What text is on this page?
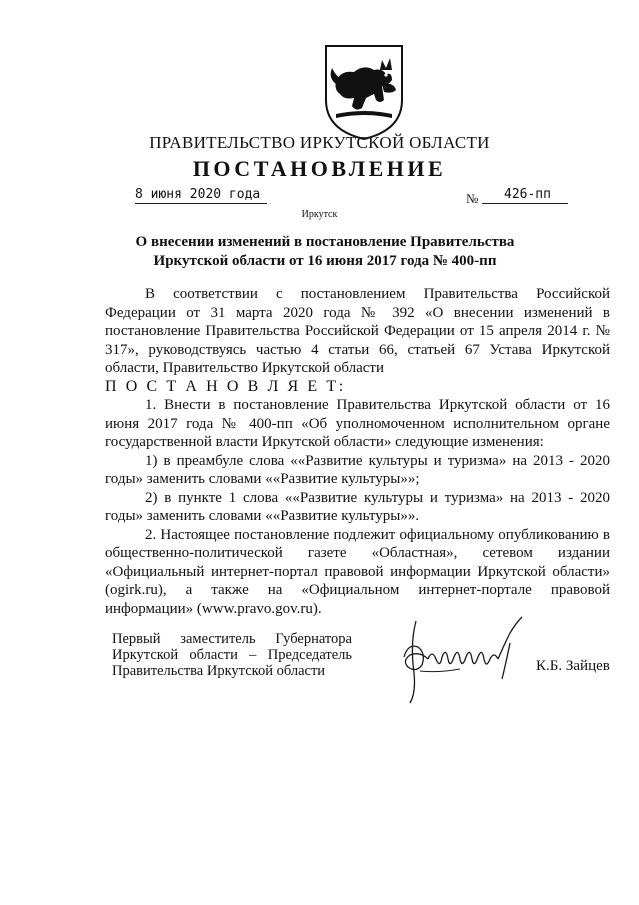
ПРАВИТЕЛЬСТВО ИРКУТСКОЙ ОБЛАСТИ
ПОСТАНОВЛЕНИЕ
8 июня 2020 года	№	426-пп
Иркутск
О внесении изменений в постановление Правительства Иркутской области от 16 июня 2017 года № 400-пп

В соответствии с постановлением Правительства Российской Федерации от 31 марта 2020 года № 392 «О внесении изменений в постановление Правительства Российской Федерации от 15 апреля 2014 г. № 317», руководствуясь частью 4 статьи 66, статьей 67 Устава Иркутской области, Правительство Иркутской области

П О С Т А Н О В Л Я Е Т:

1. Внести в постановление Правительства Иркутской области от 16 июня 2017 года № 400-пп «Об уполномоченном исполнительном органе государственной власти Иркутской области» следующие изменения:

1) в преамбуле слова ««Развитие культуры и туризма» на 2013 - 2020 годы» заменить словами ««Развитие культуры»»;

2) в пункте 1 слова ««Развитие культуры и туризма» на 2013 - 2020 годы» заменить словами ««Развитие культуры»».

2. Настоящее постановление подлежит официальному опубликованию в общественно-политической газете «Областная», сетевом издании «Официальный интернет-портал правовой информации Иркутской области» (ogirk.ru), а также на «Официальном интернет-портале правовой информации» (www.pravo.gov.ru).

Первый заместитель Губернатора
Иркутской области – Председатель
Правительства Иркутской области	К.Б. Зайцев
